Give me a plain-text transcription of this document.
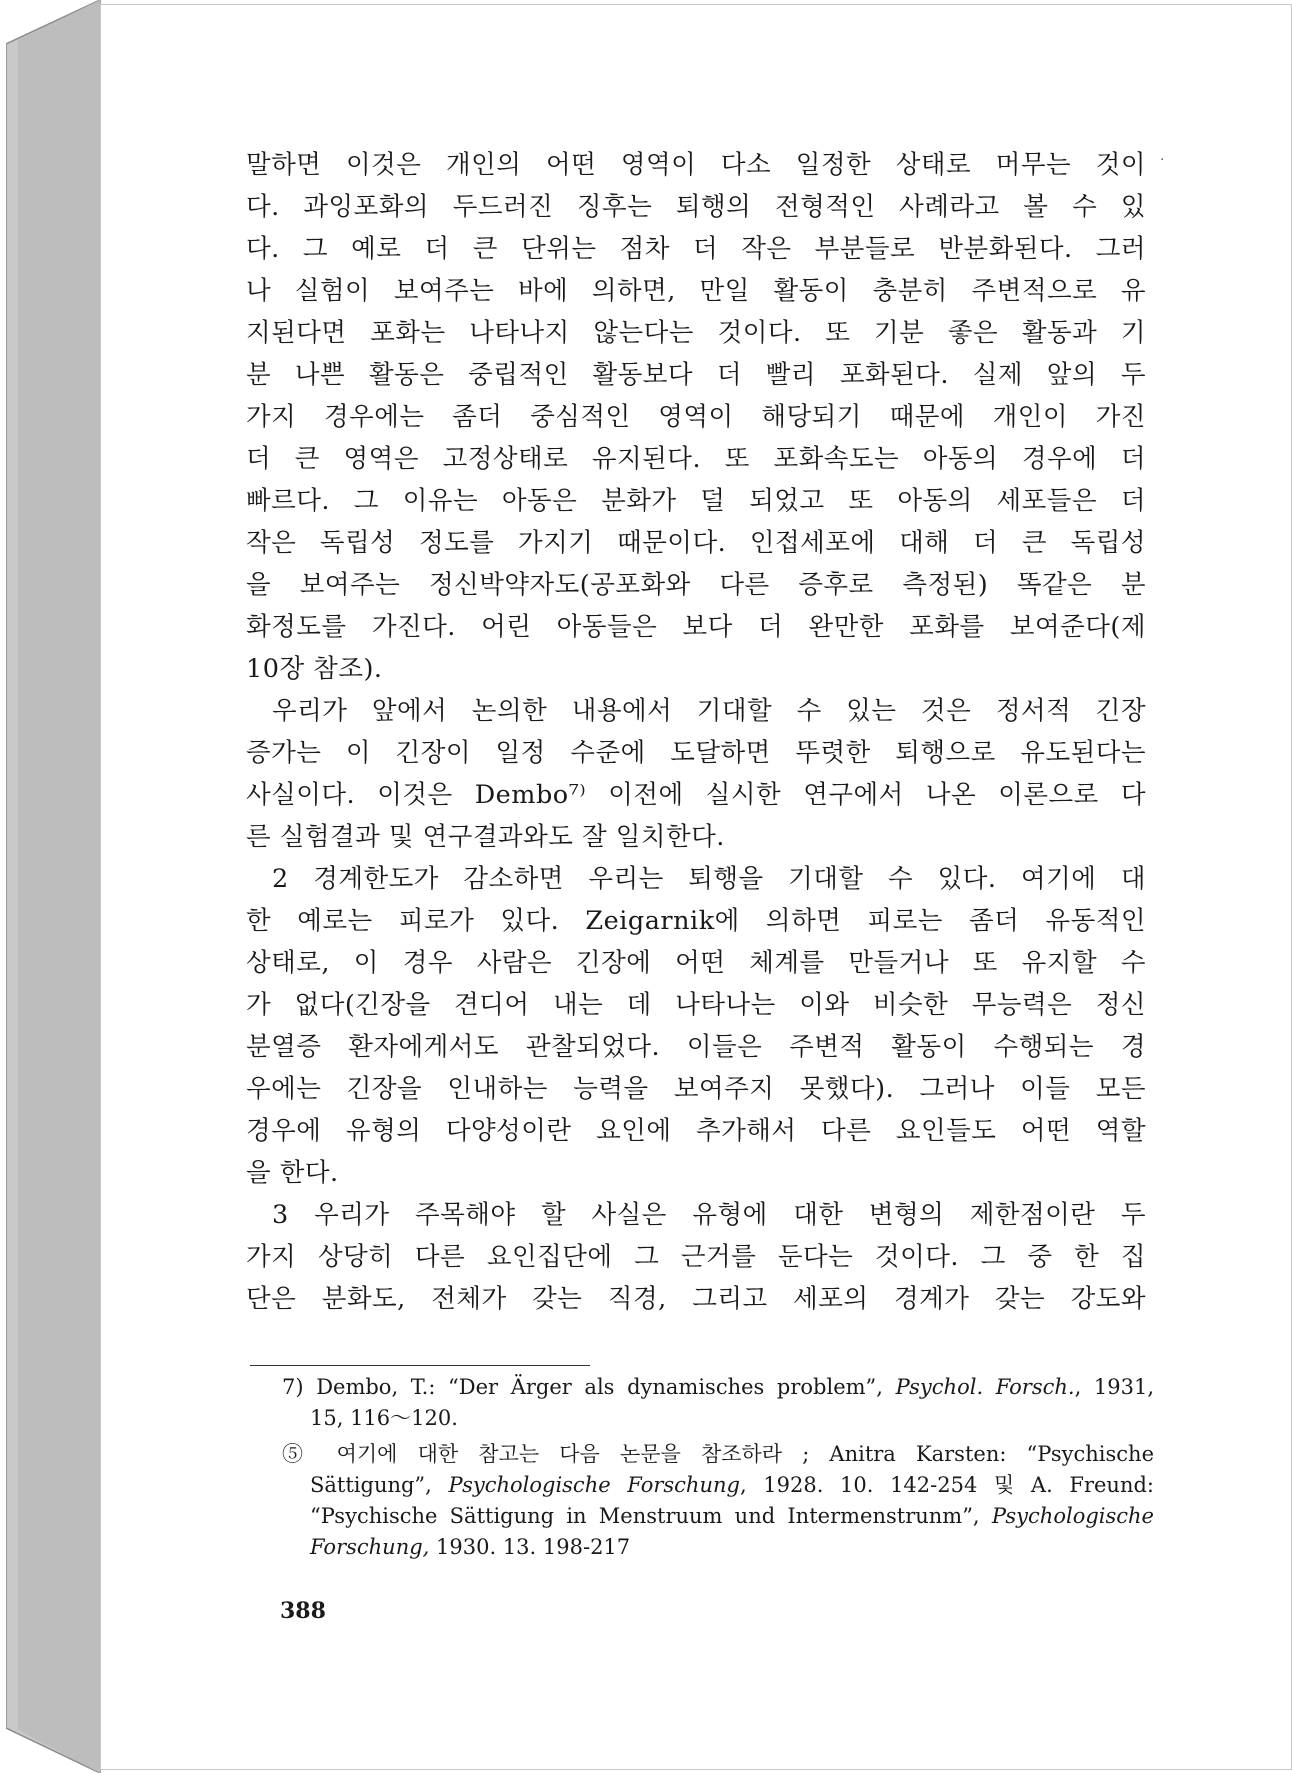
말하면 이것은 개인의 어떤 영역이 다소 일정한 상태로 머무는 것이
다. 과잉포화의 두드러진 징후는 퇴행의 전형적인 사례라고 볼 수 있
다. 그 예로 더 큰 단위는 점차 더 작은 부분들로 반분화된다. 그러
나 실험이 보여주는 바에 의하면, 만일 활동이 충분히 주변적으로 유
지된다면 포화는 나타나지 않는다는 것이다. 또 기분 좋은 활동과 기
분 나쁜 활동은 중립적인 활동보다 더 빨리 포화된다. 실제 앞의 두
가지 경우에는 좀더 중심적인 영역이 해당되기 때문에 개인이 가진
더 큰 영역은 고정상태로 유지된다. 또 포화속도는 아동의 경우에 더
빠르다. 그 이유는 아동은 분화가 덜 되었고 또 아동의 세포들은 더
작은 독립성 정도를 가지기 때문이다. 인접세포에 대해 더 큰 독립성
을 보여주는 정신박약자도(공포화와 다른 증후로 측정된) 똑같은 분
화정도를 가진다. 어린 아동들은 보다 더 완만한 포화를 보여준다(제
10장 참조).
우리가 앞에서 논의한 내용에서 기대할 수 있는 것은 정서적 긴장
증가는 이 긴장이 일정 수준에 도달하면 뚜렷한 퇴행으로 유도된다는
사실이다. 이것은 Dembo⁷⁾ 이전에 실시한 연구에서 나온 이론으로 다
른 실험결과 및 연구결과와도 잘 일치한다.
2 경계한도가 감소하면 우리는 퇴행을 기대할 수 있다. 여기에 대
한 예로는 피로가 있다. Zeigarnik에 의하면 피로는 좀더 유동적인
상태로, 이 경우 사람은 긴장에 어떤 체계를 만들거나 또 유지할 수
가 없다(긴장을 견디어 내는 데 나타나는 이와 비슷한 무능력은 정신
분열증 환자에게서도 관찰되었다. 이들은 주변적 활동이 수행되는 경
우에는 긴장을 인내하는 능력을 보여주지 못했다). 그러나 이들 모든
경우에 유형의 다양성이란 요인에 추가해서 다른 요인들도 어떤 역할
을 한다.
3 우리가 주목해야 할 사실은 유형에 대한 변형의 제한점이란 두
가지 상당히 다른 요인집단에 그 근거를 둔다는 것이다. 그 중 한 집
단은 분화도, 전체가 갖는 직경, 그리고 세포의 경계가 갖는 강도와
·
7) Dembo, T.: “Der Ärger als dynamisches problem”, Psychol. Forsch., 1931,
15, 116～120.
⑤ 여기에 대한 참고는 다음 논문을 참조하라 ; Anitra Karsten: “Psychische
Sättigung”, Psychologische Forschung, 1928. 10. 142-254 및 A. Freund:
“Psychische Sättigung in Menstruum und Intermenstrunm”, Psychologische
Forschung, 1930. 13. 198-217
388
